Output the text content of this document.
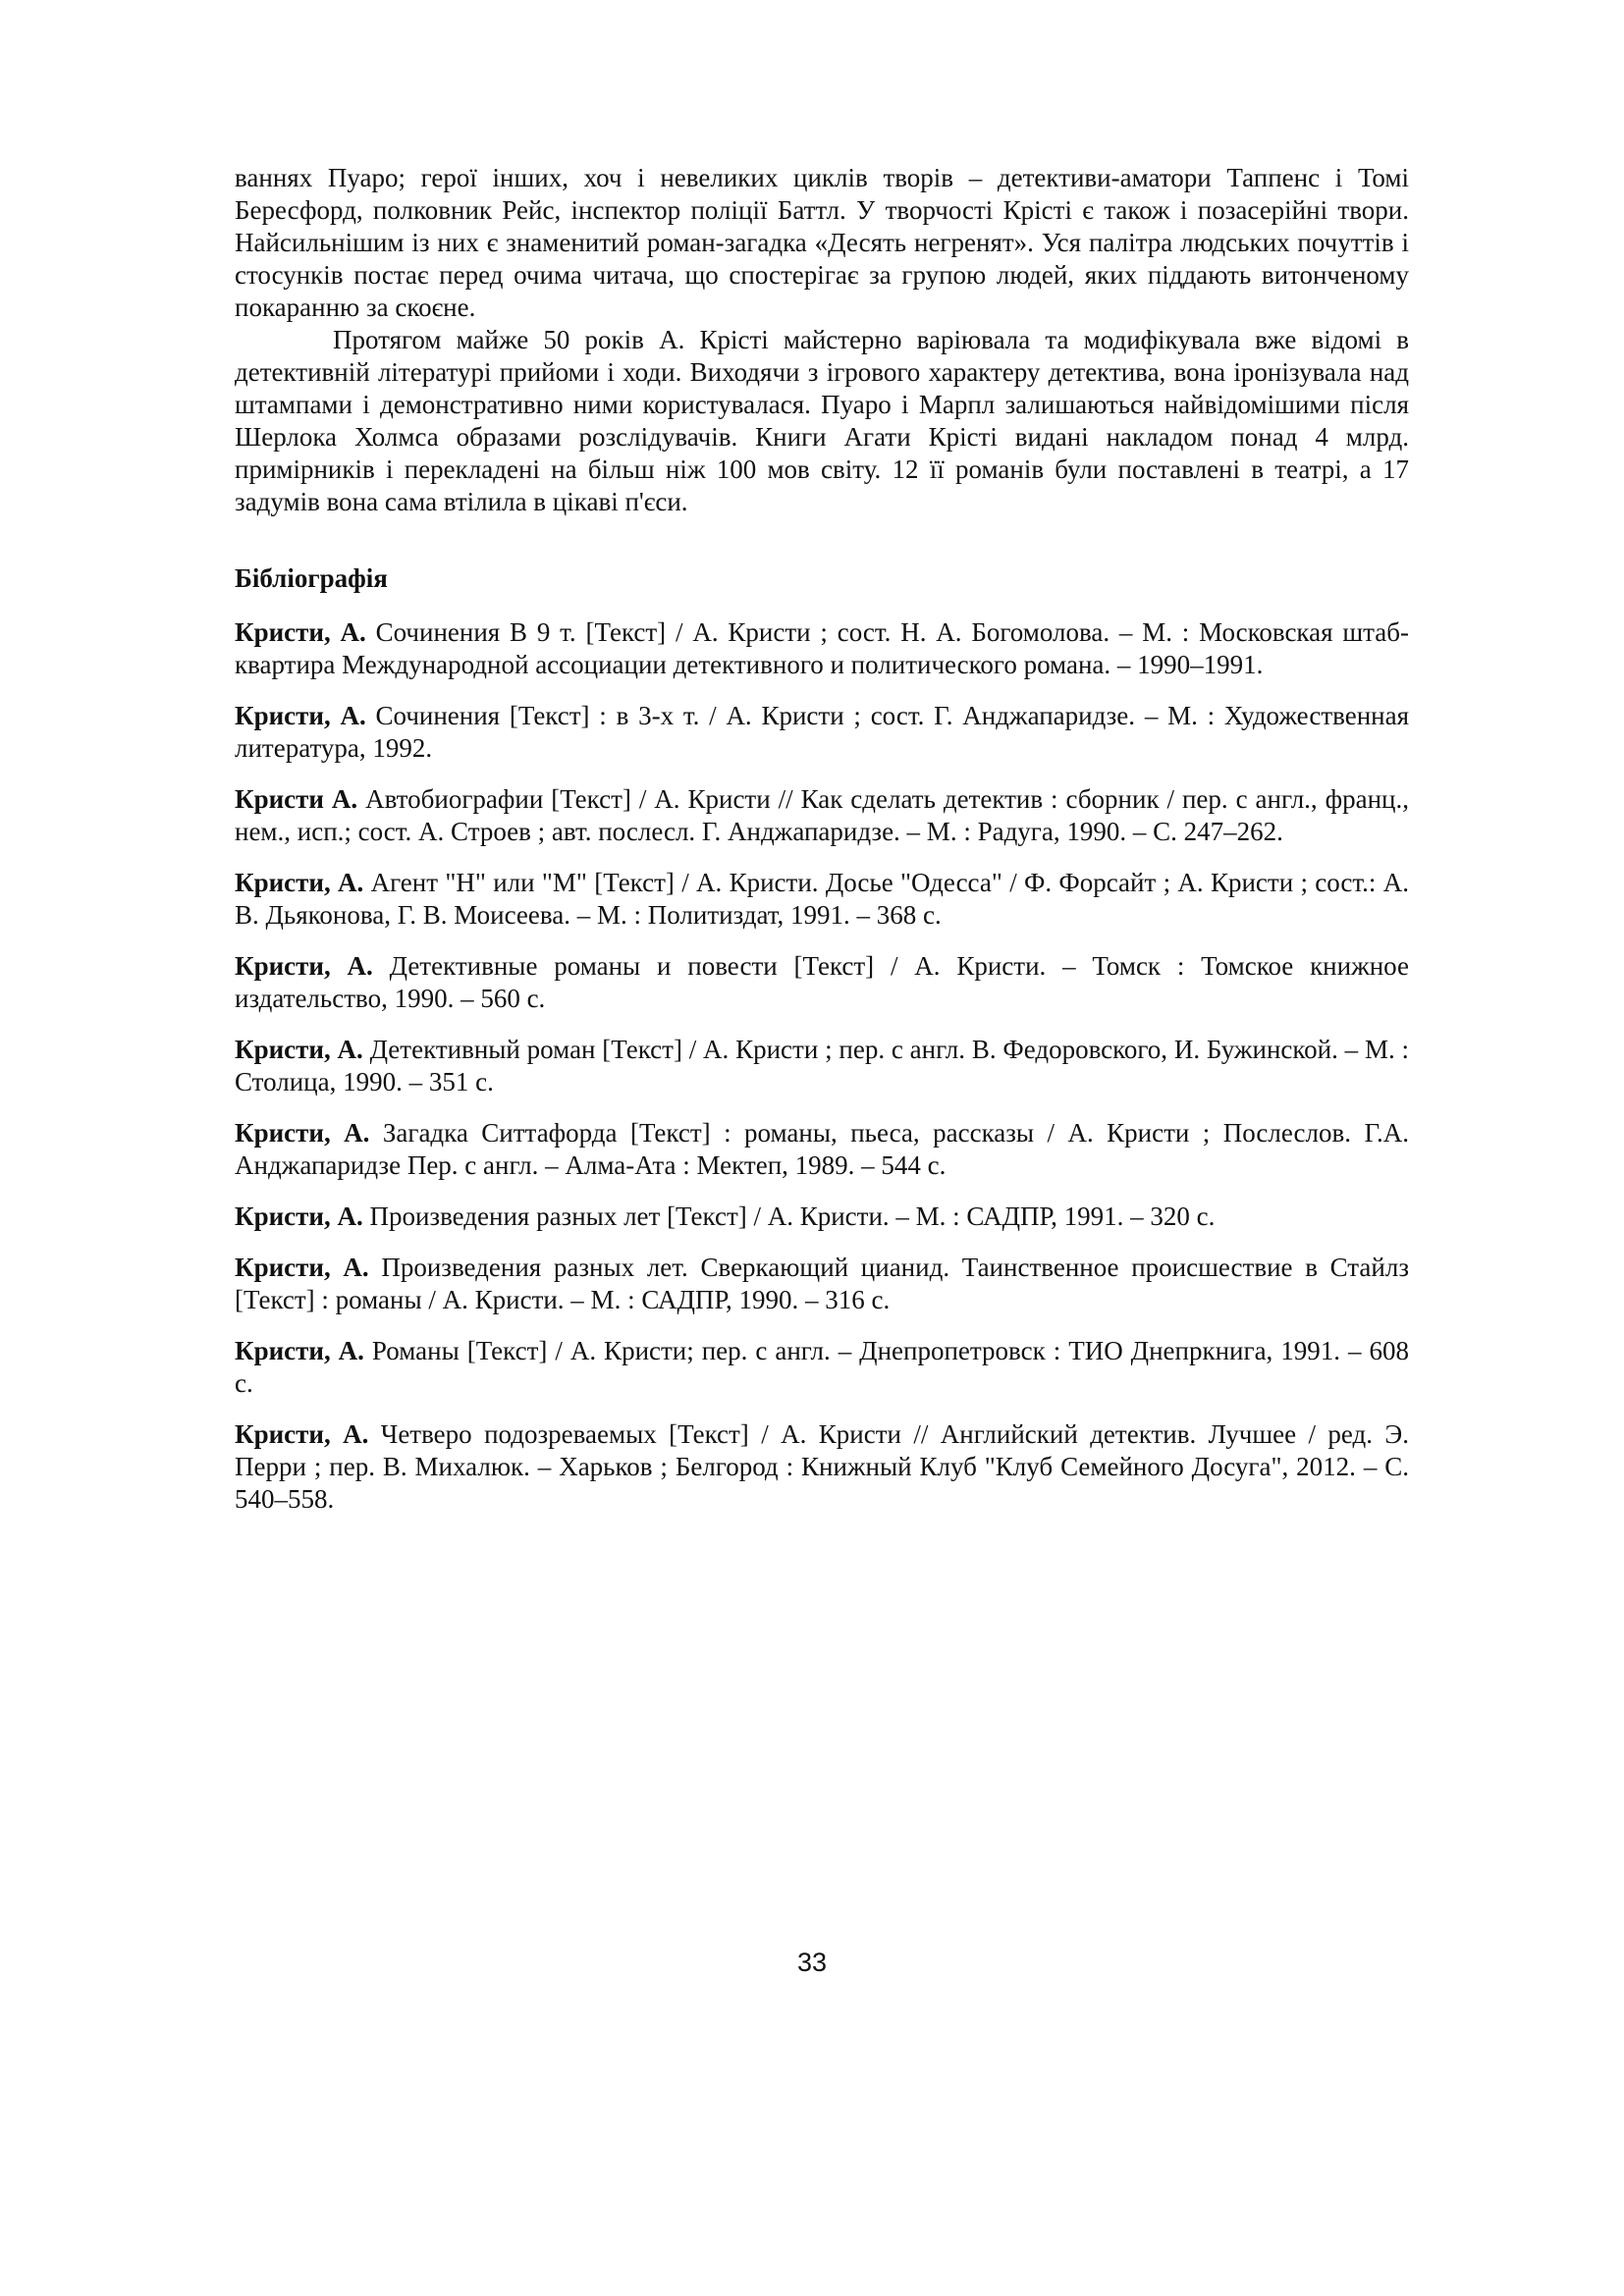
ваннях Пуаро; герої інших, хоч і невеликих циклів творів – детективи-аматори Таппенс і Томі Бересфорд, полковник Рейс, інспектор поліції Баттл. У творчості Крісті є також і позасерійні твори. Найсильнішим із них є знаменитий роман-загадка «Десять негренят». Уся палітра людських почуттів і стосунків постає перед очима читача, що спостерігає за групою людей, яких піддають витонченому покаранню за скоєне.

Протягом майже 50 років А. Крісті майстерно варіювала та модифікувала вже відомі в детективній літературі прийоми і ходи. Виходячи з ігрового характеру детектива, вона іронізувала над штампами і демонстративно ними користувалася. Пуаро і Марпл залишаються найвідомішими після Шерлока Холмса образами розслідувачів. Книги Агати Крісті видані накладом понад 4 млрд. примірників і перекладені на більш ніж 100 мов світу. 12 її романів були поставлені в театрі, а 17 задумів вона сама втілила в цікаві п'єси.

Бібліографія

Кристи, А. Сочинения В 9 т. [Текст] / А. Кристи ; сост. Н. А. Богомолова. – М. : Московская штаб-квартира Международной ассоциации детективного и политического романа. – 1990–1991.

Кристи, А. Сочинения [Текст] : в 3-х т. / А. Кристи ; сост. Г. Анджапаридзе. – М. : Художественная литература, 1992.

Кристи А. Автобиографии [Текст] / А. Кристи // Как сделать детектив : сборник / пер. с англ., франц., нем., исп.; сост. А. Строев ; авт. послесл. Г. Анджапаридзе. – М. : Радуга, 1990. – С. 247–262.

Кристи, А. Агент "Н" или "М" [Текст] / А. Кристи. Досье "Одесса" / Ф. Форсайт ; А. Кристи ; сост.: А. В. Дьяконова, Г. В. Моисеева. – М. : Политиздат, 1991. – 368 с.

Кристи, А. Детективные романы и повести [Текст] / А. Кристи. – Томск : Томское книжное издательство, 1990. – 560 с.

Кристи, А. Детективный роман [Текст] / А. Кристи ; пер. с англ. В. Федоровского, И. Бужинской. – М. : Столица, 1990. – 351 с.

Кристи, А. Загадка Ситтафорда [Текст] : романы, пьеса, рассказы / А. Кристи ; Послеслов. Г.А. Анджапаридзе Пер. с англ. – Алма-Ата : Мектеп, 1989. – 544 с.

Кристи, А. Произведения разных лет [Текст] / А. Кристи. – М. : САДПР, 1991. – 320 с.

Кристи, А. Произведения разных лет. Сверкающий цианид. Таинственное происшествие в Стайлз [Текст] : романы / А. Кристи. – М. : САДПР, 1990. – 316 с.

Кристи, А. Романы [Текст] / А. Кристи; пер. с англ. – Днепропетровск : ТИО Днепркнига, 1991. – 608 с.

Кристи, А. Четверо подозреваемых [Текст] / А. Кристи // Английский детектив. Лучшее / ред. Э. Перри ; пер. В. Михалюк. – Харьков ; Белгород : Книжный Клуб "Клуб Семейного Досуга", 2012. – С. 540–558.

33
